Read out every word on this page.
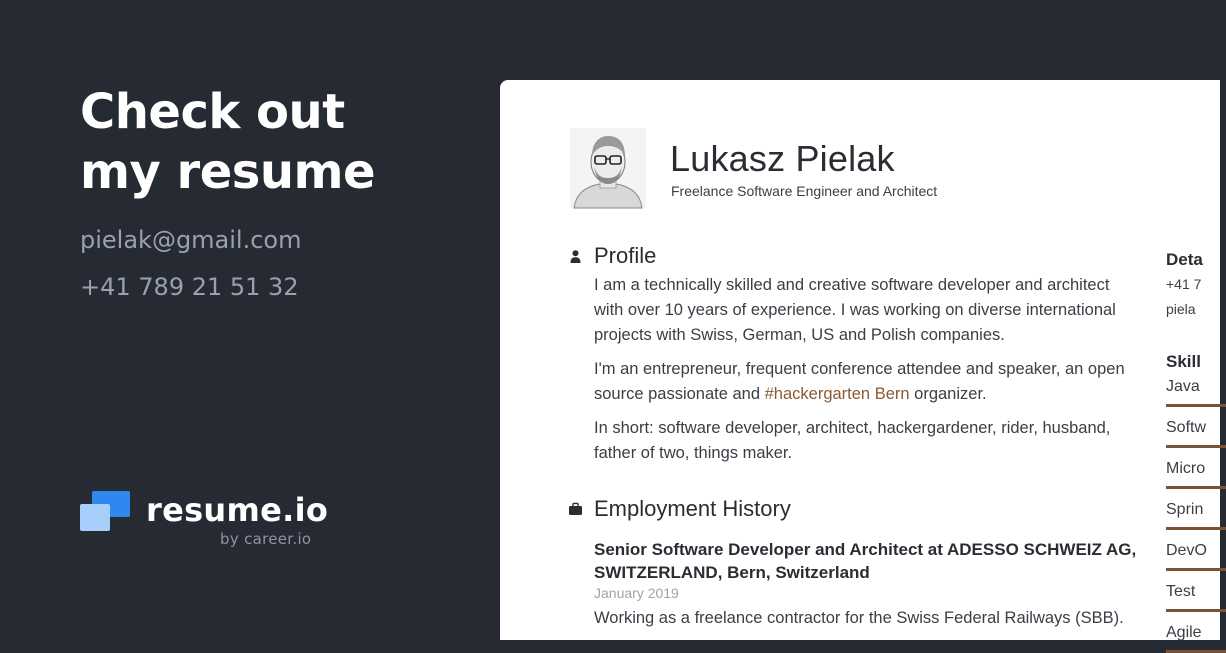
Check out
my resume
pielak@gmail.com
+41 789 21 51 32
resume.io
by career.io
Lukasz Pielak
Freelance Software Engineer and Architect
Profile

I am a technically skilled and creative software developer and architect with over 10 years of experience. I was working on diverse international projects with Swiss, German, US and Polish companies.

I'm an entrepreneur, frequent conference attendee and speaker, an open source passionate and #hackergarten Bern organizer.

In short: software developer, architect, hackergardener, rider, husband, father of two, things maker.

Employment History

Senior Software Developer and Architect at ADESSO SCHWEIZ AG, SWITZERLAND, Bern, Switzerland

January 2019
Working as a freelance contractor for the Swiss Federal Railways (SBB).
Deta
+41 7
piela
Skill
Java
Softw
Micro
Sprin
DevO
Test
Agile
